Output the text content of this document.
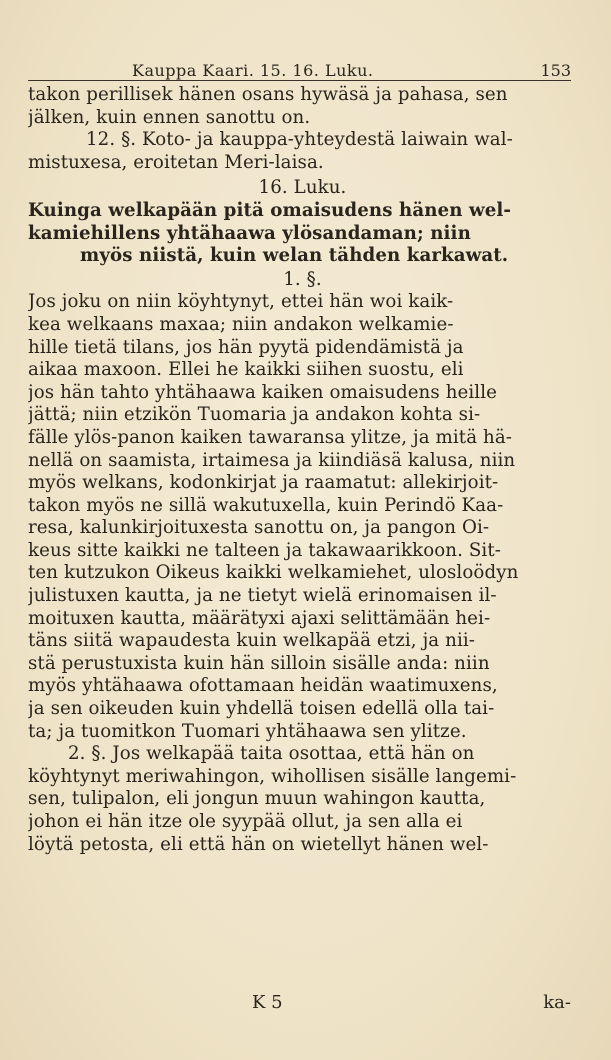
Kauppa Kaari. 15. 16. Luku.	153
takon perillisek hänen osans hywäsä ja pahasa, sen
jälken, kuin ennen sanottu on.
12. §. Koto- ja kauppa-yhteydestä laiwain wal-
mistuxesa, eroitetan Meri-laisa.
16. Luku.
Kuinga welkapään pitä omaisudens hänen wel-
kamiehillens yhtähaawa ylösandaman; niin
myös niistä, kuin welan tähden karkawat.
1. §.
Jos joku on niin köyhtynyt, ettei hän woi kaik-
kea welkaans maxaa; niin andakon welkamie-
hille tietä tilans, jos hän pyytä pidendämistä ja
aikaa maxoon. Ellei he kaikki siihen suostu, eli
jos hän tahto yhtähaawa kaiken omaisudens heille
jättä; niin etzikön Tuomaria ja andakon kohta si-
fälle ylös-panon kaiken tawaransa ylitze, ja mitä hä-
nellä on saamista, irtaimesa ja kiindiäsä kalusa, niin
myös welkans, kodonkirjat ja raamatut: allekirjoit-
takon myös ne sillä wakutuxella, kuin Perindö Kaa-
resa, kalunkirjoituxesta sanottu on, ja pangon Oi-
keus sitte kaikki ne talteen ja takawaarikkoon. Sit-
ten kutzukon Oikeus kaikki welkamiehet, ulosloödyn
julistuxen kautta, ja ne tietyt wielä erinomaisen il-
moituxen kautta, määrätyxi ajaxi selittämään hei-
täns siitä wapaudesta kuin welkapää etzi, ja nii-
stä perustuxista kuin hän silloin sisälle anda: niin
myös yhtähaawa ofottamaan heidän waatimuxens,
ja sen oikeuden kuin yhdellä toisen edellä olla tai-
ta; ja tuomitkon Tuomari yhtähaawa sen ylitze.
2. §. Jos welkapää taita osottaa, että hän on
köyhtynyt meriwahingon, wihollisen sisälle langemi-
sen, tulipalon, eli jongun muun wahingon kautta,
johon ei hän itze ole syypää ollut, ja sen alla ei
löytä petosta, eli että hän on wietellyt hänen wel-
K 5	ka-
